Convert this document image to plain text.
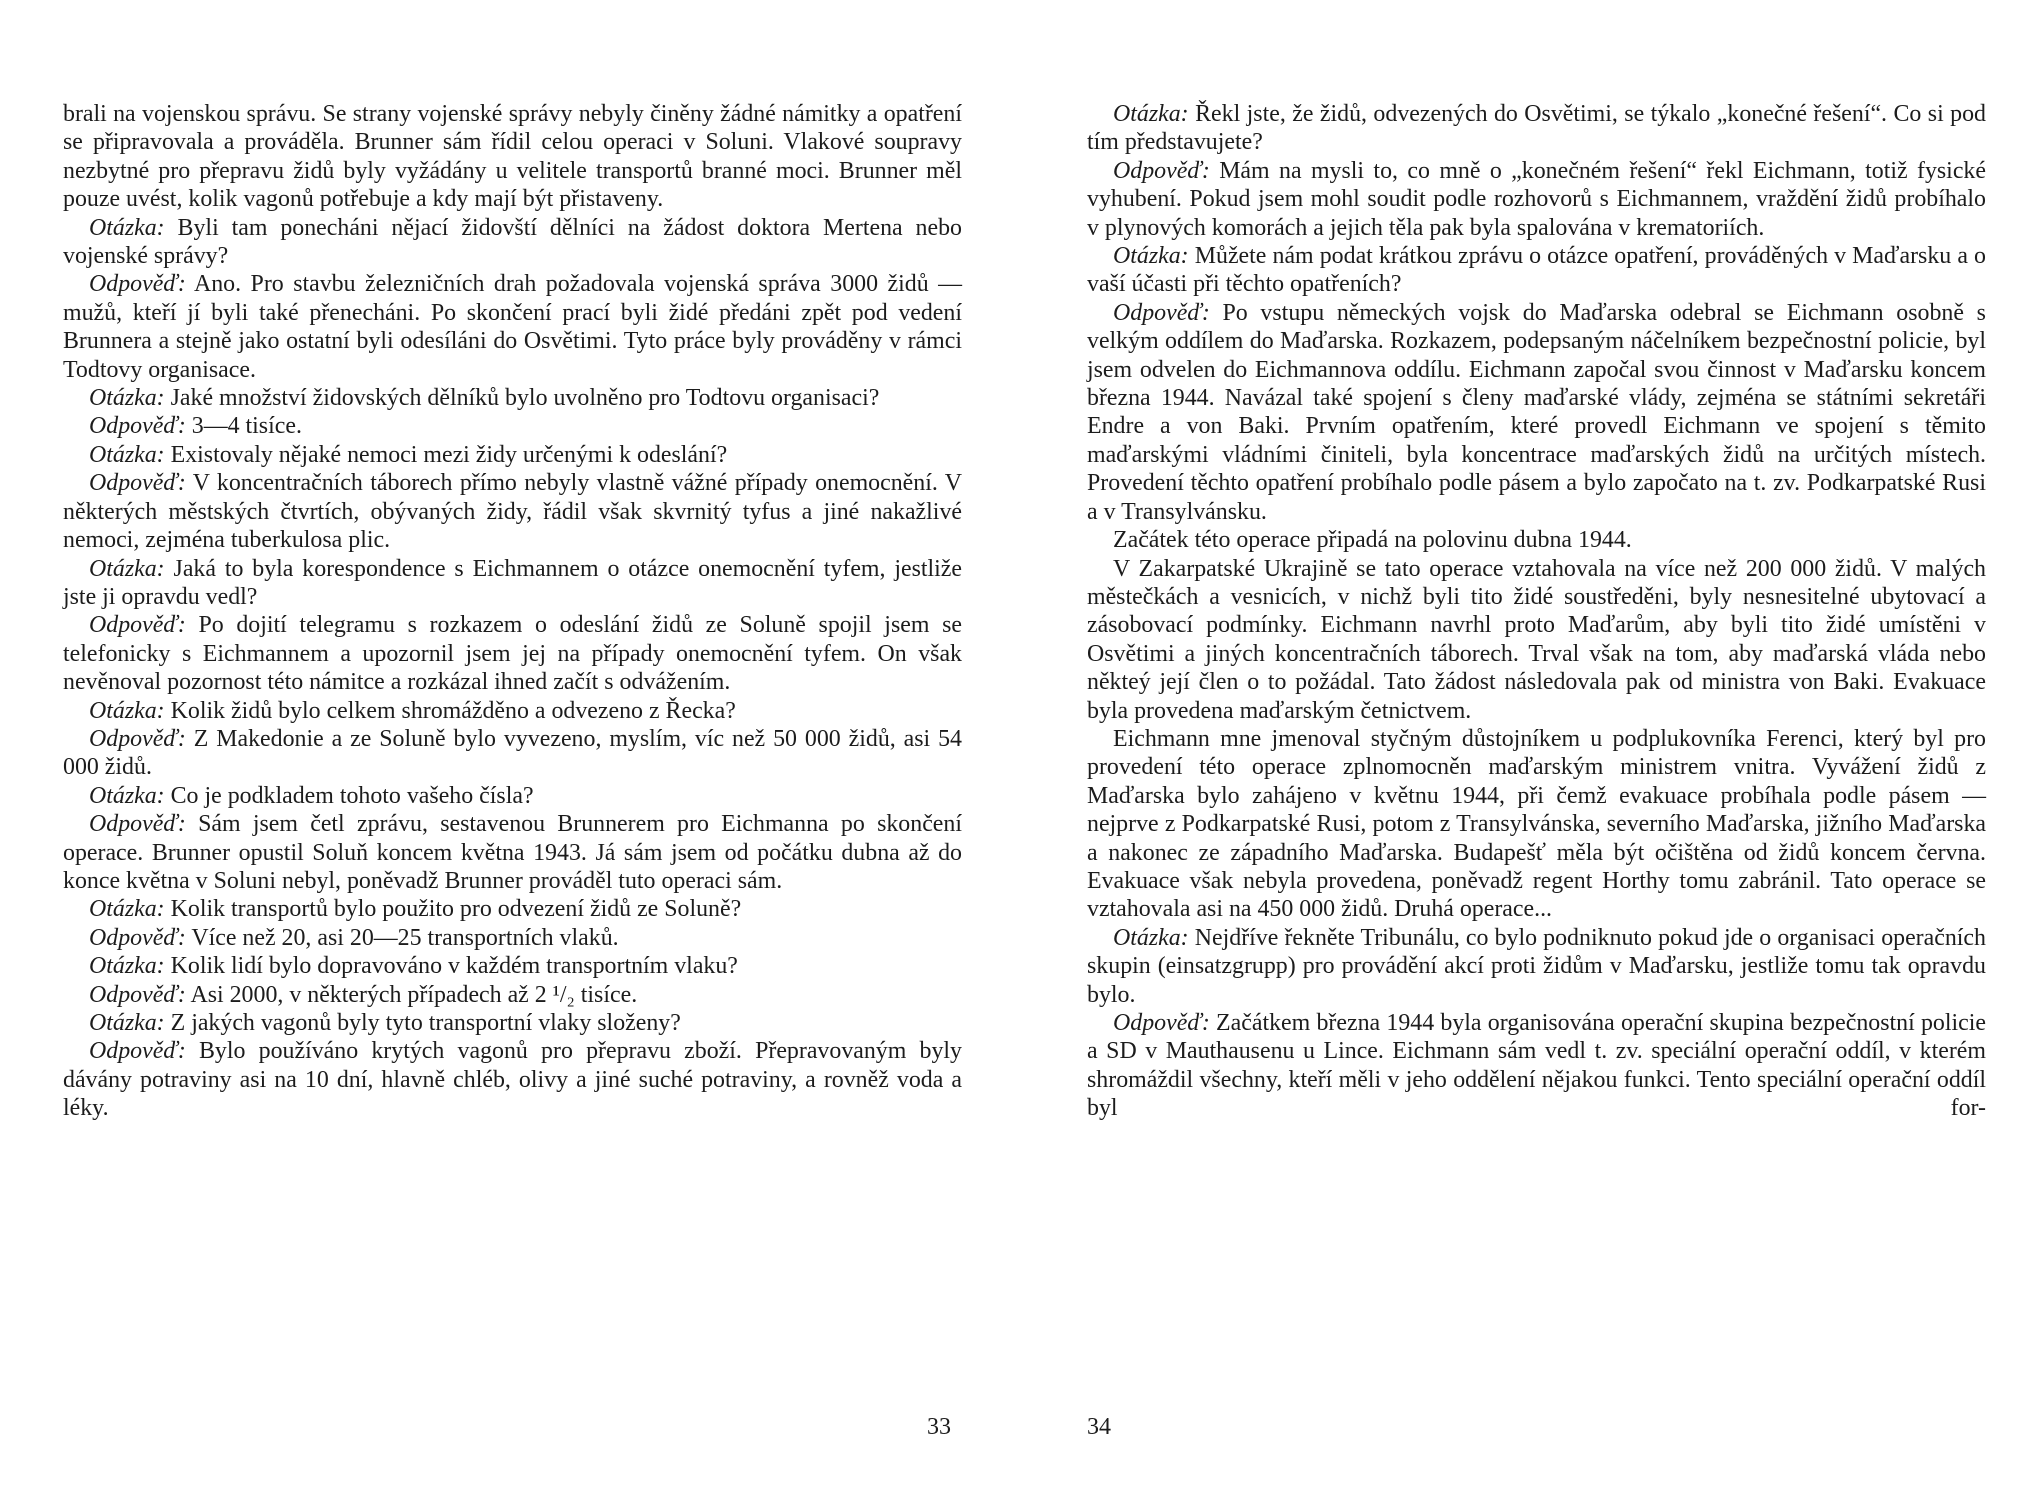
brali na vojenskou správu. Se strany vojenské správy nebyly činěny žádné námitky a opatření se připravovala a prováděla. Brunner sám řídil celou operaci v Soluni. Vlakové soupravy nezbytné pro přepravu židů byly vyžádány u velitele transportů branné moci. Brunner měl pouze uvést, kolik vagonů potřebuje a kdy mají být přistaveny.

Otázka: Byli tam ponecháni nějací židovští dělníci na žádost doktora Mertena nebo vojenské správy?

Odpověď: Ano. Pro stavbu železničních drah požadovala vojenská správa 3000 židů — mužů, kteří jí byli také přenecháni. Po skončení prací byli židé předáni zpět pod vedení Brunnera a stejně jako ostatní byli odesíláni do Osvětimi. Tyto práce byly prováděny v rámci Todtovy organisace.

Otázka: Jaké množství židovských dělníků bylo uvolněno pro Todtovu organisaci?

Odpověď: 3—4 tisíce.

Otázka: Existovaly nějaké nemoci mezi židy určenými k odeslání?

Odpověď: V koncentračních táborech přímo nebyly vlastně vážné případy onemocnění. V některých městských čtvrtích, obývaných židy, řádil však skvrnitý tyfus a jiné nakažlivé nemoci, zejména tuberkulosa plic.

Otázka: Jaká to byla korespondence s Eichmannem o otázce onemocnění tyfem, jestliže jste ji opravdu vedl?

Odpověď: Po dojití telegramu s rozkazem o odeslání židů ze Soluně spojil jsem se telefonicky s Eichmannem a upozornil jsem jej na případy onemocnění tyfem. On však nevěnoval pozornost této námitce a rozkázal ihned začít s odvážením.

Otázka: Kolik židů bylo celkem shromážděno a odvezeno z Řecka?

Odpověď: Z Makedonie a ze Soluně bylo vyvezeno, myslím, víc než 50 000 židů, asi 54 000 židů.

Otázka: Co je podkladem tohoto vašeho čísla?

Odpověď: Sám jsem četl zprávu, sestavenou Brunnerem pro Eichmanna po skončení operace. Brunner opustil Soluň koncem května 1943. Já sám jsem od počátku dubna až do konce května v Soluni nebyl, poněvadž Brunner prováděl tuto operaci sám.

Otázka: Kolik transportů bylo použito pro odvezení židů ze Soluně?

Odpověď: Více než 20, asi 20—25 transportních vlaků.

Otázka: Kolik lidí bylo dopravováno v každém transportním vlaku?

Odpověď: Asi 2000, v některých případech až 2 ¹/₂ tisíce.

Otázka: Z jakých vagonů byly tyto transportní vlaky složeny?

Odpověď: Bylo používáno krytých vagonů pro přepravu zboží. Přepravovaným byly dávány potraviny asi na 10 dní, hlavně chléb, olivy a jiné suché potraviny, a rovněž voda a léky.

Otázka: Řekl jste, že židů, odvezených do Osvětimi, se týkalo „konečné řešení“. Co si pod tím představujete?

Odpověď: Mám na mysli to, co mně o „konečném řešení“ řekl Eichmann, totiž fysické vyhubení. Pokud jsem mohl soudit podle rozhovorů s Eichmannem, vraždění židů probíhalo v plynových komorách a jejich těla pak byla spalována v krematoriích.

Otázka: Můžete nám podat krátkou zprávu o otázce opatření, prováděných v Maďarsku a o vaší účasti při těchto opatřeních?

Odpověď: Po vstupu německých vojsk do Maďarska odebral se Eichmann osobně s velkým oddílem do Maďarska. Rozkazem, podepsaným náčelníkem bezpečnostní policie, byl jsem odvelen do Eichmannova oddílu. Eichmann započal svou činnost v Maďarsku koncem března 1944. Navázal také spojení s členy maďarské vlády, zejména se státními sekretáři Endre a von Baki. Prvním opatřením, které provedl Eichmann ve spojení s těmito maďarskými vládními činiteli, byla koncentrace maďarských židů na určitých místech. Provedení těchto opatření probíhalo podle pásem a bylo započato na t. zv. Podkarpatské Rusi a v Transylvánsku.

Začátek této operace připadá na polovinu dubna 1944.

V Zakarpatské Ukrajině se tato operace vztahovala na více než 200 000 židů. V malých městečkách a vesnicích, v nichž byli tito židé soustředěni, byly nesnesitelné ubytovací a zásobovací podmínky. Eichmann navrhl proto Maďarům, aby byli tito židé umístěni v Osvětimi a jiných koncentračních táborech. Trval však na tom, aby maďarská vláda nebo někteý její člen o to požádal. Tato žádost následovala pak od ministra von Baki. Evakuace byla provedena maďarským četnictvem.

Eichmann mne jmenoval styčným důstojníkem u podplukovníka Ferenci, který byl pro provedení této operace zplnomocněn maďarským ministrem vnitra. Vyvážení židů z Maďarska bylo zahájeno v květnu 1944, při čemž evakuace probíhala podle pásem — nejprve z Podkarpatské Rusi, potom z Transylvánska, severního Maďarska, jižního Maďarska a nakonec ze západního Maďarska. Budapešť měla být očištěna od židů koncem června. Evakuace však nebyla provedena, poněvadž regent Horthy tomu zabránil. Tato operace se vztahovala asi na 450 000 židů. Druhá operace...

Otázka: Nejdříve řekněte Tribunálu, co bylo podniknuto pokud jde o organisaci operačních skupin (einsatzgrupp) pro provádění akcí proti židům v Maďarsku, jestliže tomu tak opravdu bylo.

Odpověď: Začátkem března 1944 byla organisována operační skupina bezpečnostní policie a SD v Mauthausenu u Lince. Eichmann sám vedl t. zv. speciální operační oddíl, v kterém shromáždil všechny, kteří měli v jeho oddělení nějakou funkci. Tento speciální operační oddíl byl for-

33	34
